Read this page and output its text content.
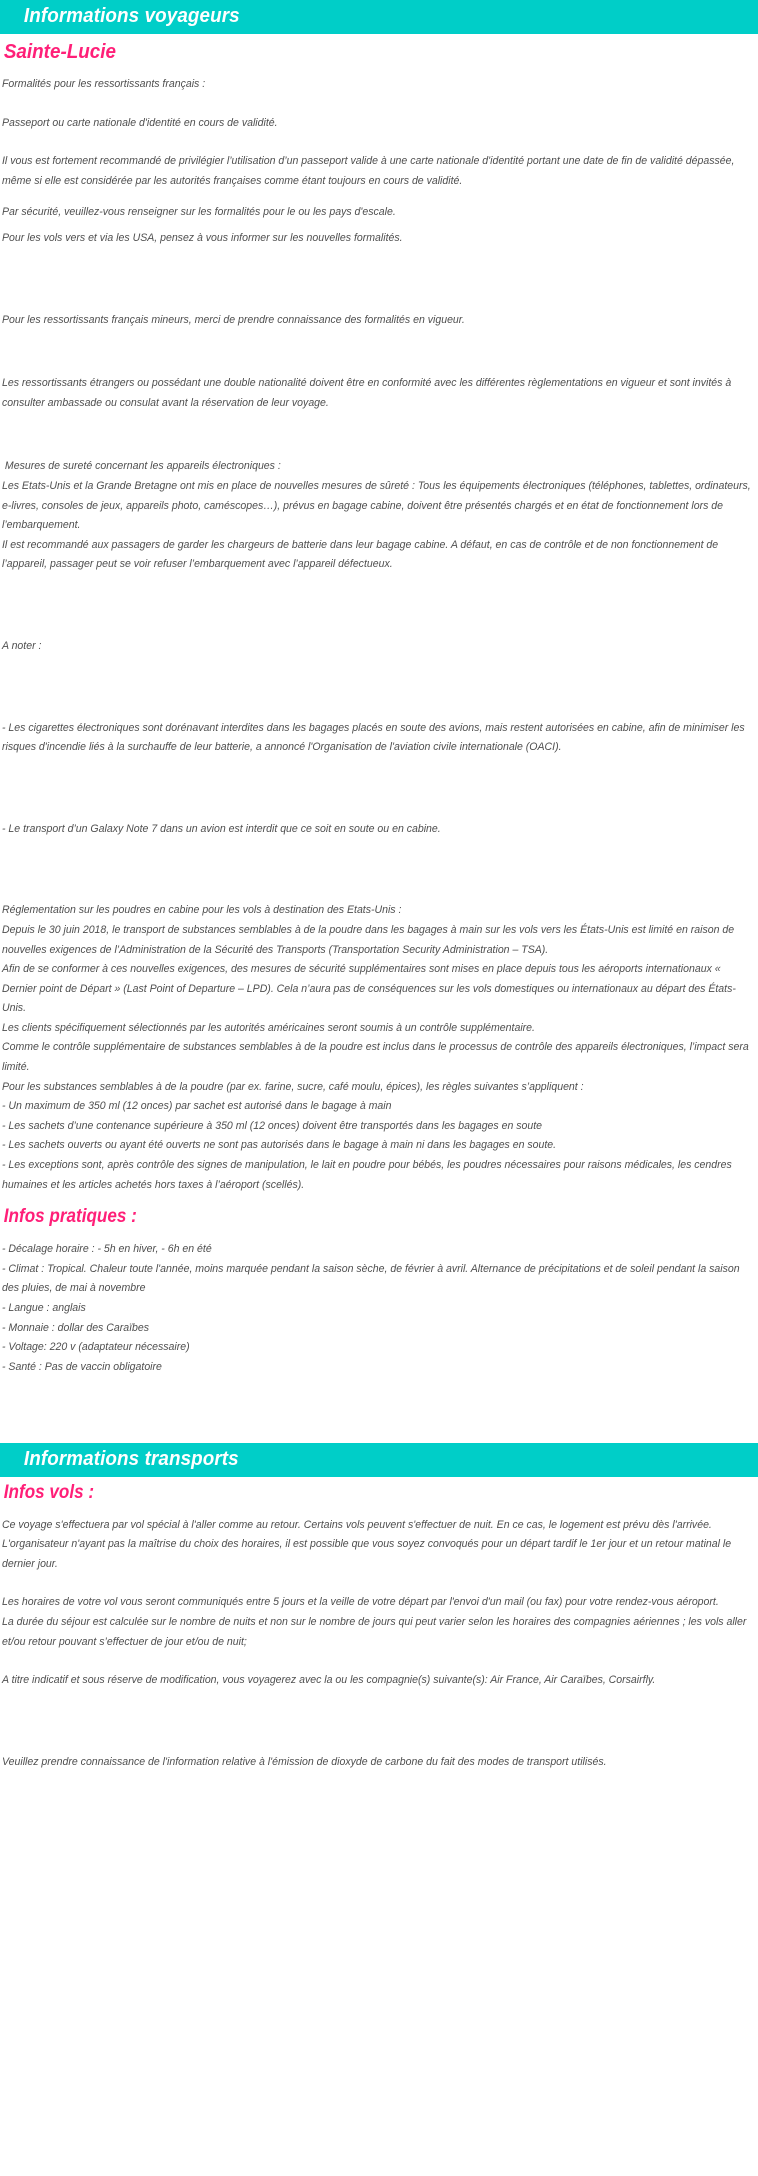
Informations voyageurs
Sainte-Lucie

Formalités pour les ressortissants français :

Passeport ou carte nationale d'identité en cours de validité.

Il vous est fortement recommandé de privilégier l’utilisation d’un passeport valide à une carte nationale d'identité portant une date de fin de validité dépassée, même si elle est considérée par les autorités françaises comme étant toujours en cours de validité.

Par sécurité, veuillez-vous renseigner sur les formalités pour le ou les pays d'escale.

Pour les vols vers et via les USA, pensez à vous informer sur les nouvelles formalités.

Pour les ressortissants français mineurs, merci de prendre connaissance des formalités en vigueur.

Les ressortissants étrangers ou possédant une double nationalité doivent être en conformité avec les différentes règlementations en vigueur et sont invités à consulter ambassade ou consulat avant la réservation de leur voyage.

Mesures de sureté concernant les appareils électroniques :

Les Etats-Unis et la Grande Bretagne ont mis en place de nouvelles mesures de sûreté : Tous les équipements électroniques (téléphones, tablettes, ordinateurs, e-livres, consoles de jeux, appareils photo, caméscopes…), prévus en bagage cabine, doivent être présentés chargés et en état de fonctionnement lors de l’embarquement.

Il est recommandé aux passagers de garder les chargeurs de batterie dans leur bagage cabine. A défaut, en cas de contrôle et de non fonctionnement de l’appareil, passager peut se voir refuser l’embarquement avec l’appareil défectueux.

A noter :

- Les cigarettes électroniques sont dorénavant interdites dans les bagages placés en soute des avions, mais restent autorisées en cabine, afin de minimiser les risques d'incendie liés à la surchauffe de leur batterie, a annoncé l'Organisation de l'aviation civile internationale (OACI).

- Le transport d’un Galaxy Note 7 dans un avion est interdit que ce soit en soute ou en cabine.

Réglementation sur les poudres en cabine pour les vols à destination des Etats-Unis :

Depuis le 30 juin 2018, le transport de substances semblables à de la poudre dans les bagages à main sur les vols vers les États-Unis est limité en raison de nouvelles exigences de l’Administration de la Sécurité des Transports (Transportation Security Administration – TSA).

Afin de se conformer à ces nouvelles exigences, des mesures de sécurité supplémentaires sont mises en place depuis tous les aéroports internationaux « Dernier point de Départ » (Last Point of Departure – LPD). Cela n’aura pas de conséquences sur les vols domestiques ou internationaux au départ des États-Unis.

Les clients spécifiquement sélectionnés par les autorités américaines seront soumis à un contrôle supplémentaire.

Comme le contrôle supplémentaire de substances semblables à de la poudre est inclus dans le processus de contrôle des appareils électroniques, l’impact sera limité.

Pour les substances semblables à de la poudre (par ex. farine, sucre, café moulu, épices), les règles suivantes s’appliquent :

- Un maximum de 350 ml (12 onces) par sachet est autorisé dans le bagage à main

- Les sachets d’une contenance supérieure à 350 ml (12 onces) doivent être transportés dans les bagages en soute

- Les sachets ouverts ou ayant été ouverts ne sont pas autorisés dans le bagage à main ni dans les bagages en soute.

- Les exceptions sont, après contrôle des signes de manipulation, le lait en poudre pour bébés, les poudres nécessaires pour raisons médicales, les cendres humaines et les articles achetés hors taxes à l’aéroport (scellés).

Infos pratiques :

- Décalage horaire : - 5h en hiver, - 6h en été

- Climat : Tropical. Chaleur toute l'année, moins marquée pendant la saison sèche, de février à avril. Alternance de précipitations et de soleil pendant la saison des pluies, de mai à novembre

- Langue : anglais

- Monnaie : dollar des Caraïbes

- Voltage: 220 v (adaptateur nécessaire)

- Santé : Pas de vaccin obligatoire

Informations transports
Infos vols :

Ce voyage s'effectuera par vol spécial à l'aller comme au retour. Certains vols peuvent s'effectuer de nuit. En ce cas, le logement est prévu dès l'arrivée. L'organisateur n'ayant pas la maîtrise du choix des horaires, il est possible que vous soyez convoqués pour un départ tardif le 1er jour et un retour matinal le dernier jour.

Les horaires de votre vol vous seront communiqués entre 5 jours et la veille de votre départ par l'envoi d'un mail (ou fax) pour votre rendez-vous aéroport.

La durée du séjour est calculée sur le nombre de nuits et non sur le nombre de jours qui peut varier selon les horaires des compagnies aériennes ; les vols aller et/ou retour pouvant s’effectuer de jour et/ou de nuit;

A titre indicatif et sous réserve de modification, vous voyagerez avec la ou les compagnie(s) suivante(s): Air France, Air Caraïbes, Corsairfly.

Veuillez prendre connaissance de l'information relative à l'émission de dioxyde de carbone du fait des modes de transport utilisés.
